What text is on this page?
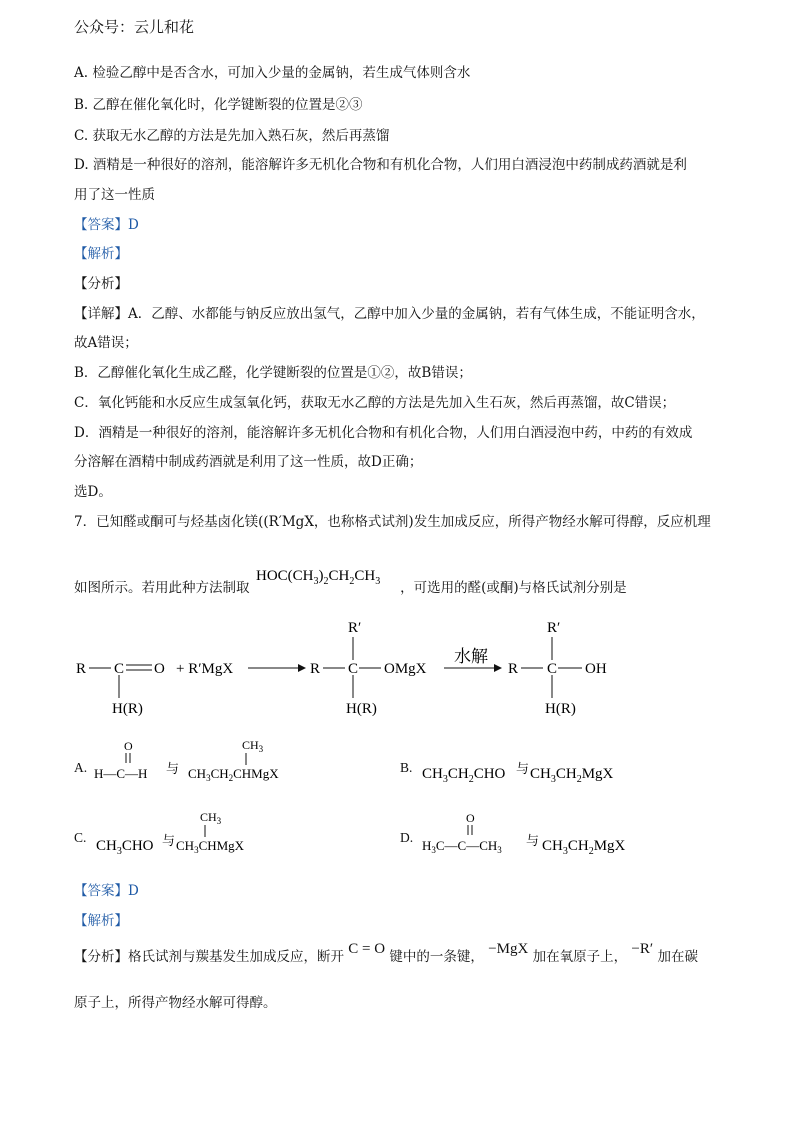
公众号：云儿和花
A. 检验乙醇中是否含水，可加入少量的金属钠，若生成气体则含水
B. 乙醇在催化氧化时，化学键断裂的位置是②③
C. 获取无水乙醇的方法是先加入熟石灰，然后再蒸馏
D. 酒精是一种很好的溶剂，能溶解许多无机化合物和有机化合物，人们用白酒浸泡中药制成药酒就是利
用了这一性质
【答案】D
【解析】
【分析】
【详解】A．乙醇、水都能与钠反应放出氢气，乙醇中加入少量的金属钠，若有气体生成，不能证明含水，
故A错误；
B．乙醇催化氧化生成乙醛，化学键断裂的位置是①②，故B错误；
C．氧化钙能和水反应生成氢氧化钙，获取无水乙醇的方法是先加入生石灰，然后再蒸馏，故C错误；
D．酒精是一种很好的溶剂，能溶解许多无机化合物和有机化合物，人们用白酒浸泡中药，中药的有效成
分溶解在酒精中制成药酒就是利用了这一性质，故D正确；
选D。
7．已知醛或酮可与烃基卤化镁((R′MgX，也称格式试剂)发生加成反应，所得产物经水解可得醇，反应机理
如图所示。若用此种方法制取
$HOC(CH_3)_2CH_2CH_3$ ，可选用的醛(或酮)与格氏试剂分别是
R C O
H(R)
+ R′MgX	R C
R′
OMgX
H(R)
水解
R C
R′
OH
H(R)
A.
O
H—C—H 与
$CH_3$
$CH_3CH_2CHMgX$	B. $CH_3CH_2CHO$ 与 $CH_3CH_2MgX$
C.
$CH_3CHO$ 与
$CH_3$
$CH_3CHMgX$
D.
O
$H_3C—C—CH_3$
与 $CH_3CH_2MgX$
【答案】D
【解析】
【分析】格氏试剂与羰基发生加成反应，断开 C = O 键中的一条键， −MgX 加在氧原子上， −R′ 加在碳
原子上，所得产物经水解可得醇。
